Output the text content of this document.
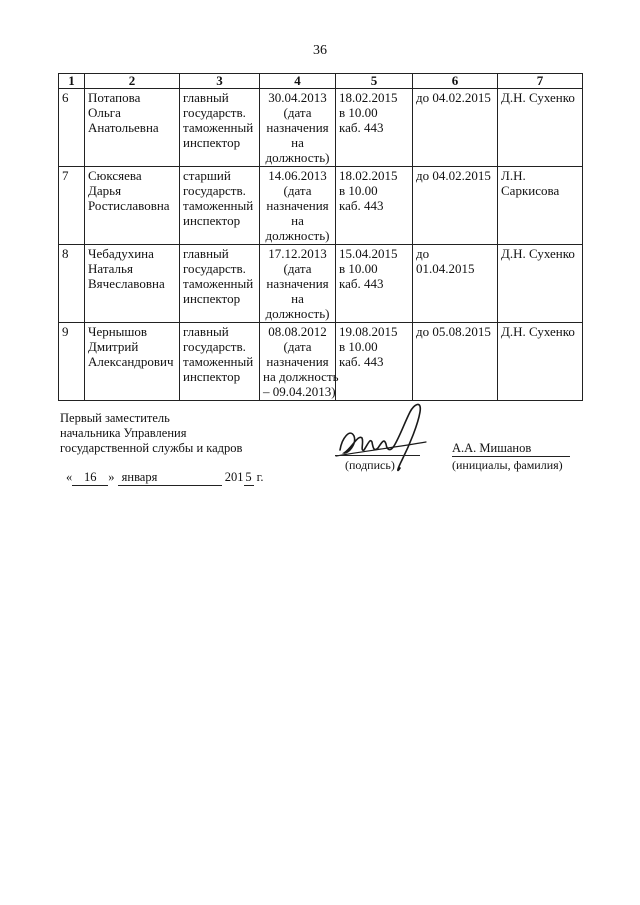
36
1	2	3	4	5	6	7
6	Потапова
Ольга
Анатольевна	главный
государств.
таможенный
инспектор	30.04.2013
(дата
назначения
на
должность)	18.02.2015
в 10.00
каб. 443	до 04.02.2015	Д.Н. Сухенко
7	Сюксяева
Дарья
Ростиславовна	старший
государств.
таможенный
инспектор	14.06.2013
(дата
назначения
на
должность)	18.02.2015
в 10.00
каб. 443	до 04.02.2015	Л.Н. Саркисова
8	Чебадухина
Наталья
Вячеславовна	главный
государств.
таможенный
инспектор	17.12.2013
(дата
назначения
на
должность)	15.04.2015
в 10.00
каб. 443	до
01.04.2015	Д.Н. Сухенко
9	Чернышов
Дмитрий
Александрович	главный
государств.
таможенный
инспектор	08.08.2012
(дата
назначения
на должность
– 09.04.2013)	19.08.2015
в 10.00
каб. 443	до 05.08.2015	Д.Н. Сухенко
Первый заместитель
начальника Управления
государственной службы и кадров
(подпись)
А.А. Мишанов
(инициалы, фамилия)
« 16 » января	201 5 г.
